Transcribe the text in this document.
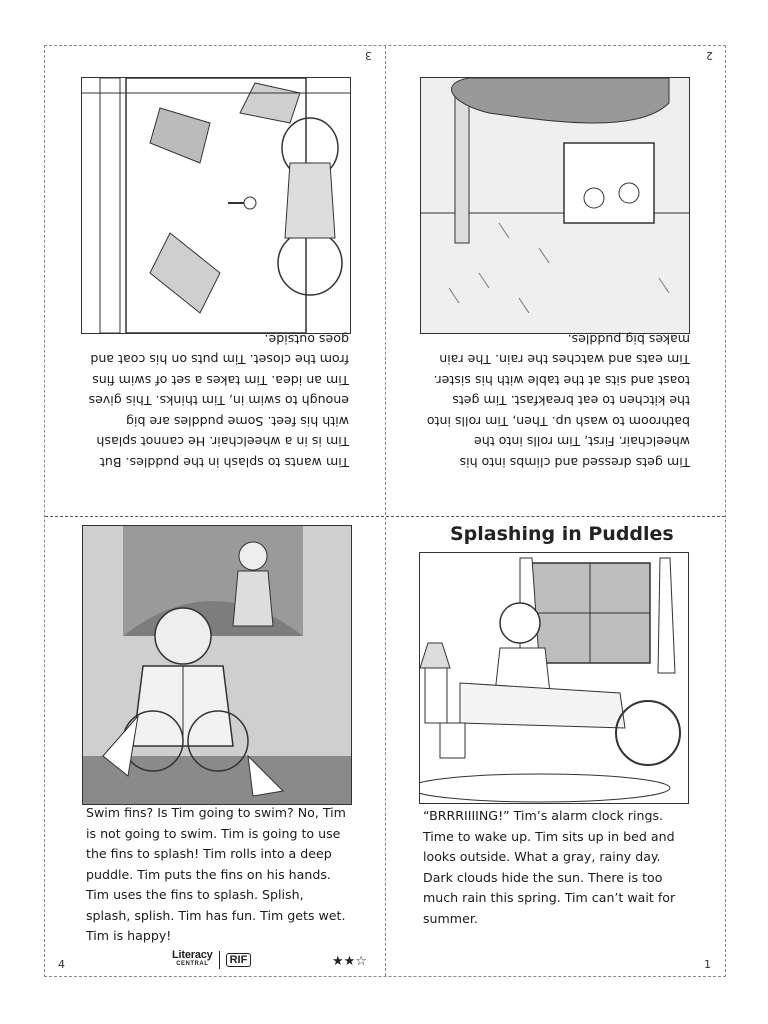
Tim wants to splash in the puddles. But Tim is in a wheelchair. He cannot splash with his feet. Some puddles are big enough to swim in, Tim thinks. This gives Tim an idea. Tim takes a set of swim fins from the closet. Tim puts on his coat and goes outside.

3

Tim gets dressed and climbs into his wheelchair. First, Tim rolls into the bathroom to wash up. Then, Tim rolls into the kitchen to eat breakfast. Tim gets toast and sits at the table with his sister. Tim eats and watches the rain. The rain makes big puddles.

2

Swim fins? Is Tim going to swim? No, Tim is not going to swim. Tim is going to use the fins to splash! Tim rolls into a deep puddle. Tim puts the fins on his hands. Tim uses the fins to splash. Splish, splash, splish. Tim has fun. Tim gets wet. Tim is happy!

4
Literacy
CENTRAL	RIF	★★☆
Splashing in Puddles

“BRRRIIIING!” Tim’s alarm clock rings. Time to wake up. Tim sits up in bed and looks outside. What a gray, rainy day. Dark clouds hide the sun. There is too much rain this spring. Tim can’t wait for summer.

1
